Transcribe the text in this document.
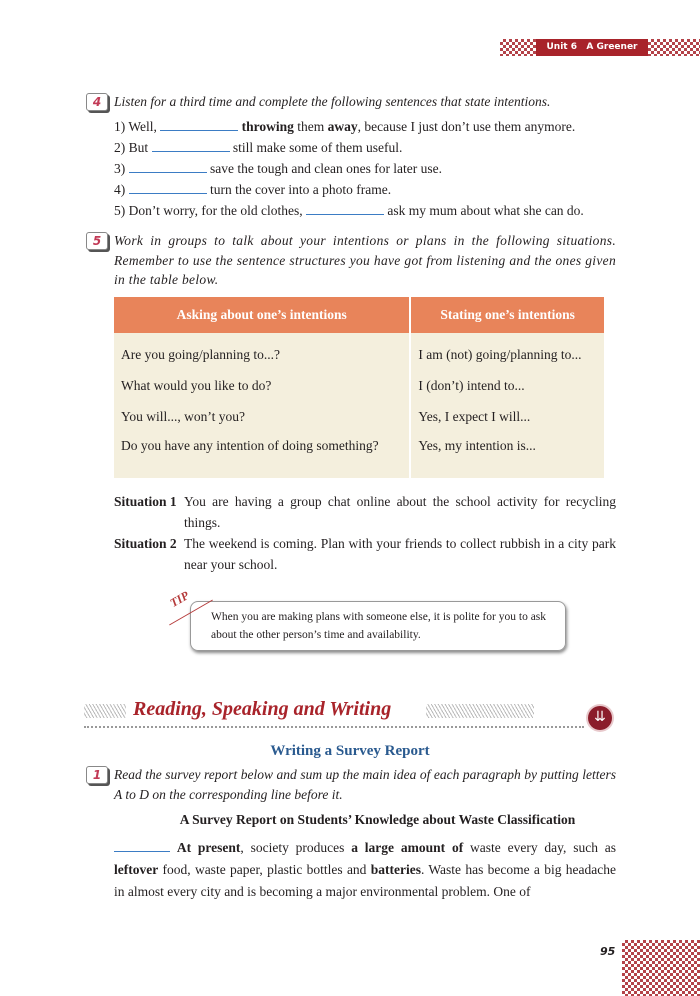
Unit 6 A Greener Earth
4 Listen for a third time and complete the following sentences that state intentions.
1) Well,	throwing them away, because I just don’t use them anymore.
2) But	still make some of them useful.
3)	save the tough and clean ones for later use.
4)	turn the cover into a photo frame.
5) Don’t worry, for the old clothes,	ask my mum about what she can do.
5 Work in groups to talk about your intentions or plans in the following situations. Remember to use the sentence structures you have got from listening and the ones given in the table below.
Asking about one’s intentions	Stating one’s intentions
Are you going/planning to...?	I am (not) going/planning to...
What would you like to do?	I (don’t) intend to...
You will..., won’t you?	Yes, I expect I will...
Do you have any intention of doing something?	Yes, my intention is...
Situation 1 You are having a group chat online about the school activity for recycling things.
Situation 2 The weekend is coming. Plan with your friends to collect rubbish in a city park near your school.
When you are making plans with someone else, it is polite for you to ask about the other person’s time and availability.
TIP
Reading, Speaking and Writing	⇊
Writing a Survey Report
1 Read the survey report below and sum up the main idea of each paragraph by putting letters A to D on the corresponding line before it.
A Survey Report on Students’ Knowledge about Waste Classification
At present, society produces a large amount of waste every day, such as leftover food, waste paper, plastic bottles and batteries. Waste has become a big headache in almost every city and is becoming a major environmental problem. One of
95
